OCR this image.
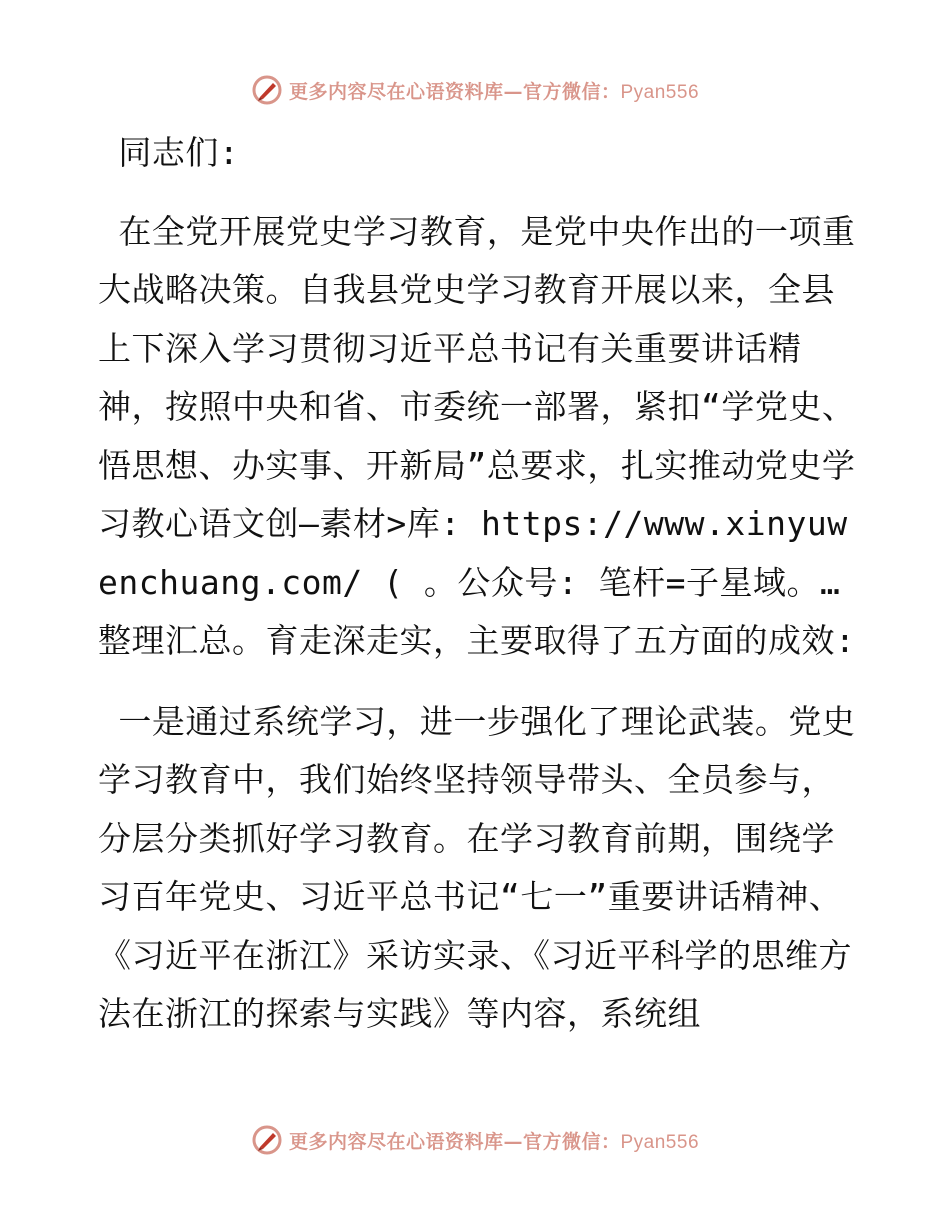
更多内容尽在心语资料库—官方微信：Pyan556

同志们:

在全党开展党史学习教育，是党中央作出的一项重大战略决策。自我县党史学习教育开展以来，全县上下深入学习贯彻习近平总书记有关重要讲话精神，按照中央和省、市委统一部署，紧扣“学党史、悟思想、办实事、开新局”总要求，扎实推动党史学习教心语文创—素材>库: https://www.xinyuwenchuang.com/ ( 。公众号: 笔杆=子星域。…整理汇总。育走深走实，主要取得了五方面的成效:

一是通过系统学习，进一步强化了理论武装。党史学习教育中，我们始终坚持领导带头、全员参与，分层分类抓好学习教育。在学习教育前期，围绕学习百年党史、习近平总书记“七一”重要讲话精神、《习近平在浙江》采访实录、《习近平科学的思维方法在浙江的探索与实践》等内容，系统组

更多内容尽在心语资料库—官方微信：Pyan556
